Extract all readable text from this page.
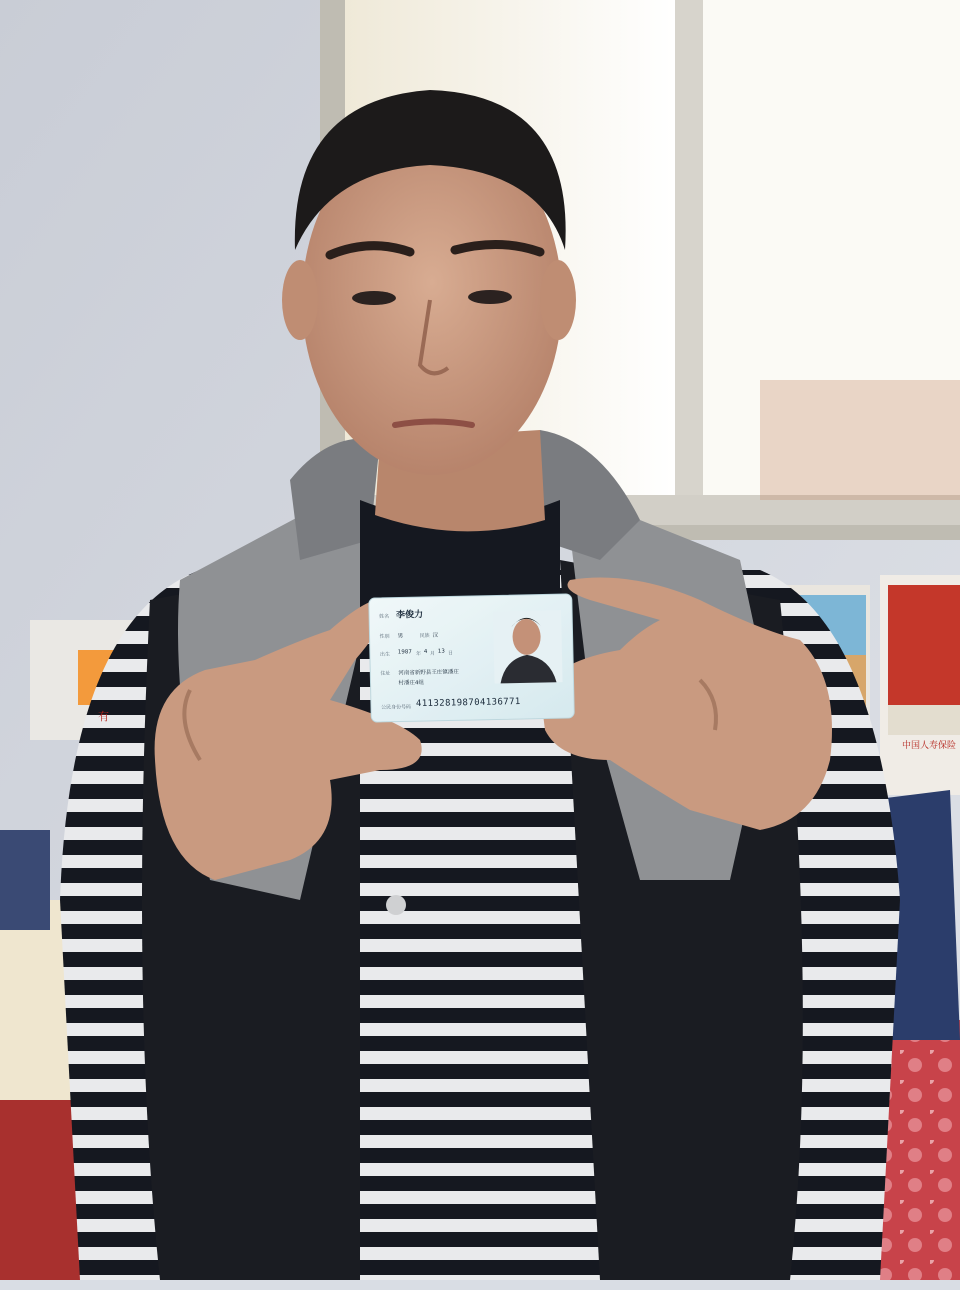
姓名 李俊力
性别 男	民族 汉
出生 1987 年 4 月 13 日
住址 河南省新野县王庄镇潘庄
村潘庄4组
公民身份号码 411328198704136771
中国人寿保险
有
